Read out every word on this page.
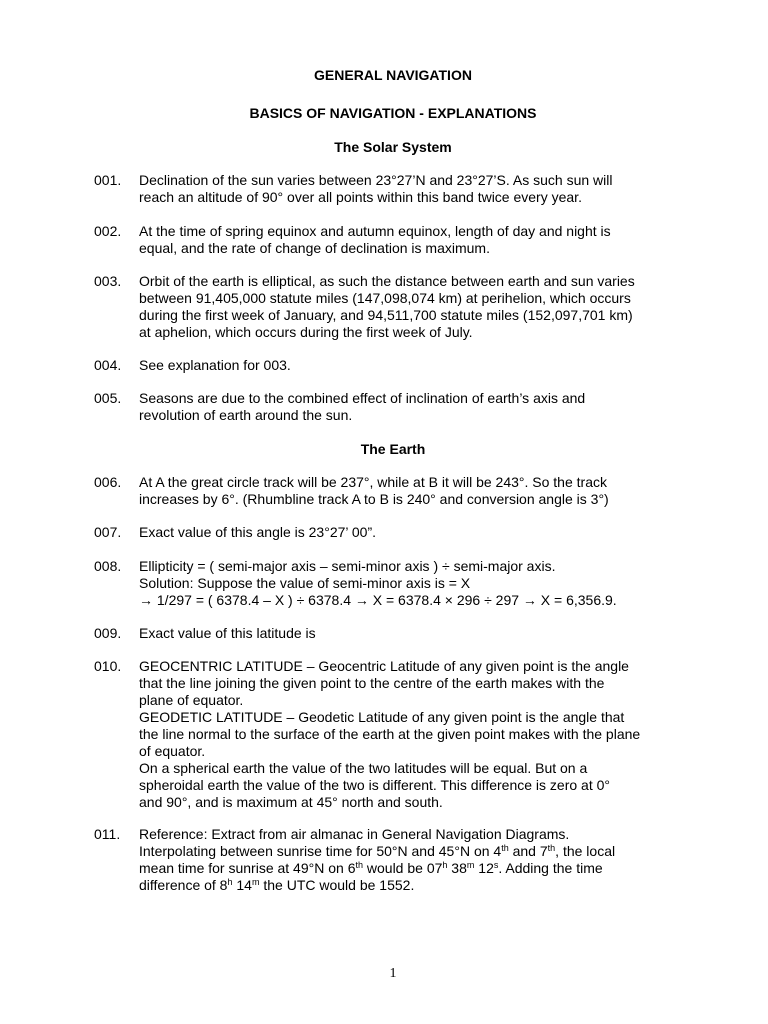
GENERAL NAVIGATION
BASICS OF NAVIGATION - EXPLANATIONS
The Solar System
001. Declination of the sun varies between 23°27’N and 23°27’S. As such sun will
reach an altitude of 90° over all points within this band twice every year.
002. At the time of spring equinox and autumn equinox, length of day and night is
equal, and the rate of change of declination is maximum.
003. Orbit of the earth is elliptical, as such the distance between earth and sun varies
between 91,405,000 statute miles (147,098,074 km) at perihelion, which occurs
during the first week of January, and 94,511,700 statute miles (152,097,701 km)
at aphelion, which occurs during the first week of July.
004. See explanation for 003.
005. Seasons are due to the combined effect of inclination of earth’s axis and
revolution of earth around the sun.
The Earth
006. At A the great circle track will be 237°, while at B it will be 243°. So the track
increases by 6°. (Rhumbline track A to B is 240° and conversion angle is 3°)
007. Exact value of this angle is 23°27’ 00”.
008. Ellipticity = ( semi-major axis – semi-minor axis ) ÷ semi-major axis.
Solution: Suppose the value of semi-minor axis is = X
→ 1/297 = ( 6378.4 – X ) ÷ 6378.4 → X = 6378.4 × 296 ÷ 297 → X = 6,356.9.
009. Exact value of this latitude is
010. GEOCENTRIC LATITUDE – Geocentric Latitude of any given point is the angle
that the line joining the given point to the centre of the earth makes with the
plane of equator.
GEODETIC LATITUDE – Geodetic Latitude of any given point is the angle that
the line normal to the surface of the earth at the given point makes with the plane
of equator.
On a spherical earth the value of the two latitudes will be equal. But on a
spheroidal earth the value of the two is different. This difference is zero at 0°
and 90°, and is maximum at 45° north and south.
011. Reference: Extract from air almanac in General Navigation Diagrams.
Interpolating between sunrise time for 50°N and 45°N on 4th and 7th, the local
mean time for sunrise at 49°N on 6th would be 07$^h$ 38$^m$ 12$^s$. Adding the time
difference of 8$^h$ 14$^m$ the UTC would be 1552.
1
